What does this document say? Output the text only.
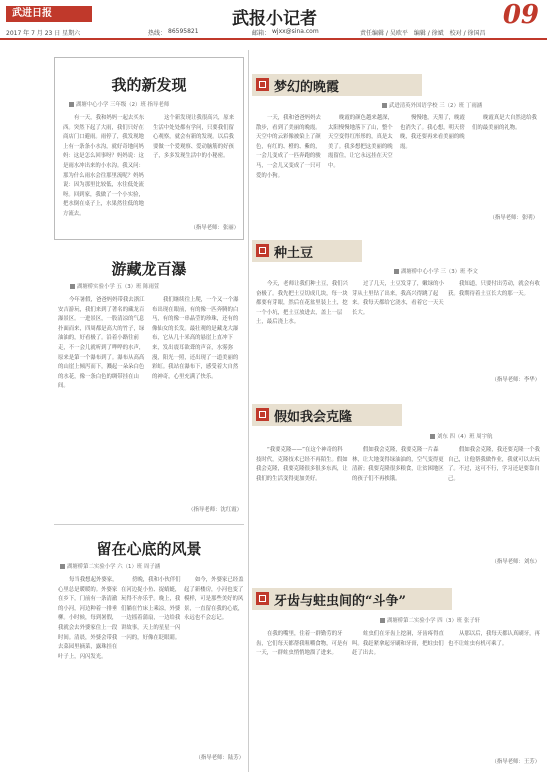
武进日报	武报小记者	09
2017 年 7 月 23 日 星期六	热线： 86595821	邮箱： wjxx@sina.com	责任编辑 / 吴欧平　编辑 / 徐斌　校对 / 徐国昌
我的新发现
湖塘中心小学 三年级（2）班 指导老师
有一天，我和妈妈一起去买东西。突然下起了大雨，我们只好在商店门口避雨。雨停了，我发现地上有一条条小水沟，就好奇地问妈妈：这是怎么回事呀？妈妈说：这是雨水冲出来的小水沟。我又问：那为什么雨水会往那里流呢？妈妈说：因为那里比较低，水往低处流呀。回到家，我做了一个小实验，把水倒在桌子上，水果然往低的地方流去。
这个新发现让我很高兴，原来生活中处处都有学问，只要我们留心观察，就会有新的发现。以后我要做一个爱观察、爱动脑筋的好孩子，多多发现生活中的小秘密。
（指导老师：张丽）
游藏龙百瀑
湖塘桥实验小学 五（3）班 陈雨萱
今年暑假，爸爸妈妈带我去浙江安吉游玩，我们来到了著名的藏龙百瀑景区。一进景区，一股清凉的气息扑面而来，四周都是高大的竹子，绿油油的，好看极了。沿着小路往前走，不一会儿就听到了哗哗的水声，原来是第一个瀑布到了。瀑布从高高的山崖上倾泻而下，溅起一朵朵白色的水花，像一条白色的绸带挂在山间。
我们继续往上爬，一个又一个瀑布出现在眼前，有的像一匹奔腾的白马，有的像一串晶莹的珍珠，还有的像仙女的长发。最壮观的是藏龙大瀑布，它从几十米高的悬崖上直冲下来，发出震耳欲聋的声音，水雾弥漫，阳光一照，还出现了一道美丽的彩虹。我站在瀑布下，感受着大自然的神奇，心里充满了快乐。
（指导老师：沈红霞）
留在心底的风景
湖塘桥第二实验小学 六（1）班 周子涵
每当我想起外婆家，心里总是暖暖的。外婆家在乡下，门前有一条清澈的小河，河边种着一排垂柳。小时候，每到暑假，我就会去外婆家住上一段时间。清晨，外婆会带我去菜园里摘菜，露珠挂在叶子上，闪闪发光。
傍晚，我和小伙伴们在河边捉小鱼、捉蜻蜓，玩得不亦乐乎。晚上，我们躺在竹床上乘凉，外婆一边摇着蒲扇，一边给我讲故事，天上的星星一闪一闪的，好像在眨眼睛。
如今，外婆家已经盖起了新楼房，小河也变了模样，可是那些美好的风景，一直留在我的心底，永远也不会忘记。
（指导老师：陆芳）
梦幻的晚霞
武进清英外国语学校 三（2）班 丁雨涵
一天，我和爸爸妈妈去散步，看到了美丽的晚霞。天空中的云彩像被染上了颜色，有红的、橙的、紫的，一会儿变成了一匹奔跑的骏马，一会儿又变成了一只可爱的小狗。
晚霞的颜色越来越深，太阳慢慢地落下了山，整个天空变得红彤彤的，真是太美了。我多想把这美丽的晚霞留住，让它永远挂在天空中。
慢慢地，天黑了，晚霞也消失了。我心想，明天傍晚，我还要再来看美丽的晚霞。
晚霞真是大自然送给我们的最美丽的礼物。
（指导老师：张明）
种土豆
湖塘桥中心小学 三（3）班 李文
今天，老师让我们种土豆，我们兴奋极了。我先把土豆切成几块，每一块都要有芽眼，然后在花盆里装上土，挖一个小坑，把土豆放进去，盖上一层土，最后浇上水。
过了几天，土豆发芽了，嫩绿的小芽从土里钻了出来，我高兴得跳了起来。我每天都给它浇水，看着它一天天长大。
我知道，只要付出劳动，就会有收获。我期待着土豆长大的那一天。
（指导老师：李华）
假如我会克隆
刘东 四（4）班 周宇航
“我要克隆——”在这个神奇的科技时代，克隆技术已经不再陌生。假如我会克隆，我要克隆很多很多东西，让我们的生活变得更加美好。
假如我会克隆，我要克隆一片森林，让大地变得绿油油的，空气变得更清新；我要克隆很多粮食，让贫困地区的孩子们不再挨饿。
假如我会克隆，我还要克隆一个我自己，让他帮我做作业，我就可以去玩了。不过，这可不行，学习还是要靠自己。
（指导老师：刘东）
牙齿与蛀虫间的“斗争”
湖塘桥第二实验小学 四（3）班 张子轩
在我的嘴里，住着一群勤劳的牙齿，它们每天都帮我咀嚼食物，可是有一天，一群蛀虫悄悄地溜了进来。
蛀虫们在牙齿上挖洞，牙齿疼得直叫。我赶紧拿起牙刷和牙膏，把蛀虫们赶了出去。
从那以后，我每天都认真刷牙，再也不让蛀虫有机可乘了。
（指导老师：王芳）
